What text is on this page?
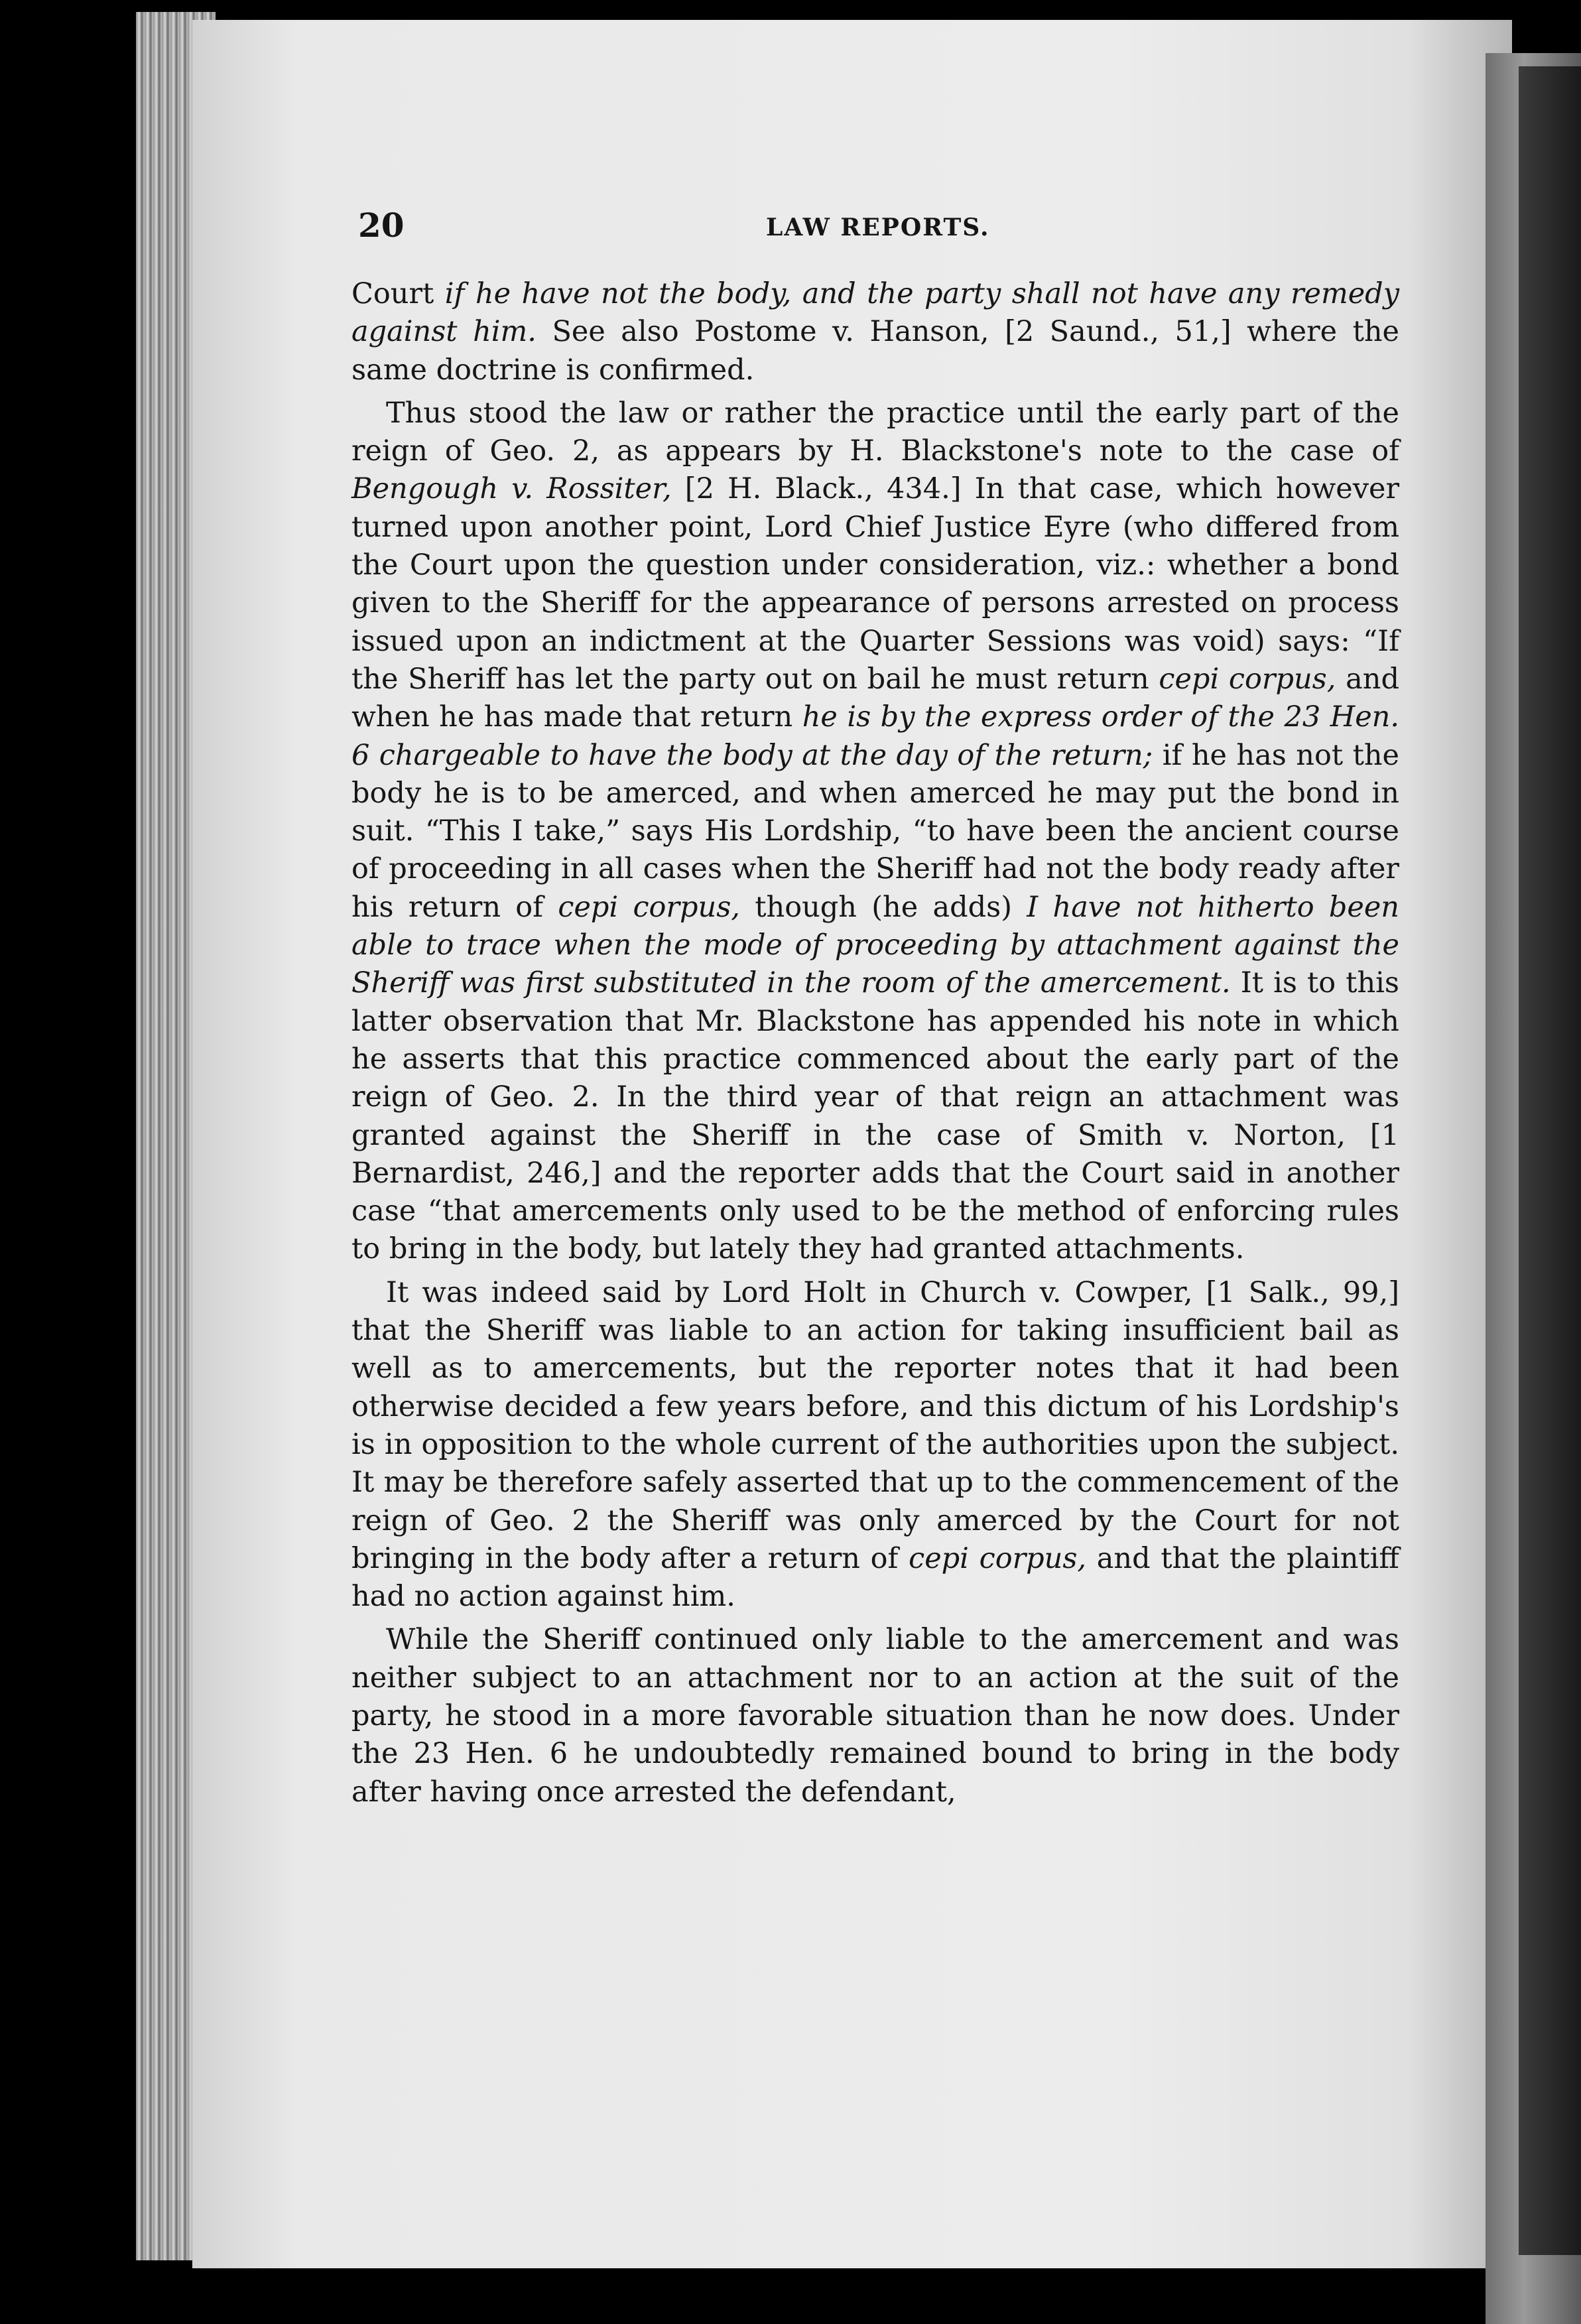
20	LAW REPORTS.

Court if he have not the body, and the party shall not have any remedy against him. See also Postome v. Hanson, [2 Saund., 51,] where the same doctrine is confirmed.

Thus stood the law or rather the practice until the early part of the reign of Geo. 2, as appears by H. Blackstone's note to the case of Bengough v. Rossiter, [2 H. Black., 434.] In that case, which however turned upon another point, Lord Chief Justice Eyre (who differed from the Court upon the question under consideration, viz.: whether a bond given to the Sheriff for the appearance of persons arrested on process issued upon an indictment at the Quarter Sessions was void) says: “If the Sheriff has let the party out on bail he must return cepi corpus, and when he has made that return he is by the express order of the 23 Hen. 6 chargeable to have the body at the day of the return; if he has not the body he is to be amerced, and when amerced he may put the bond in suit. “This I take,” says His Lordship, “to have been the ancient course of proceeding in all cases when the Sheriff had not the body ready after his return of cepi corpus, though (he adds) I have not hitherto been able to trace when the mode of proceeding by attachment against the Sheriff was first substituted in the room of the amercement. It is to this latter observation that Mr. Blackstone has appended his note in which he asserts that this practice commenced about the early part of the reign of Geo. 2. In the third year of that reign an attachment was granted against the Sheriff in the case of Smith v. Norton, [1 Bernardist, 246,] and the reporter adds that the Court said in another case “that amercements only used to be the method of enforcing rules to bring in the body, but lately they had granted attachments.

It was indeed said by Lord Holt in Church v. Cowper, [1 Salk., 99,] that the Sheriff was liable to an action for taking insufficient bail as well as to amercements, but the reporter notes that it had been otherwise decided a few years before, and this dictum of his Lordship's is in opposition to the whole current of the authorities upon the subject. It may be therefore safely asserted that up to the commencement of the reign of Geo. 2 the Sheriff was only amerced by the Court for not bringing in the body after a return of cepi corpus, and that the plaintiff had no action against him.

While the Sheriff continued only liable to the amercement and was neither subject to an attachment nor to an action at the suit of the party, he stood in a more favorable situation than he now does. Under the 23 Hen. 6 he undoubtedly remained bound to bring in the body after having once arrested the defendant,
